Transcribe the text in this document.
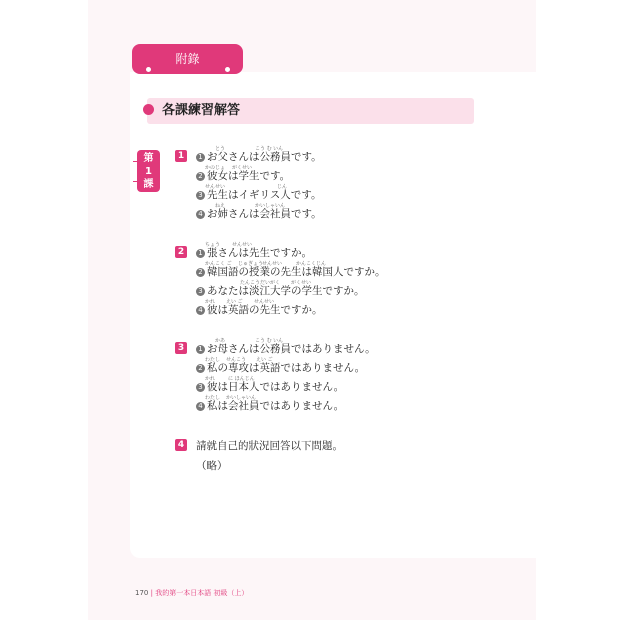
附錄
各課練習解答
第
1
課
1
とう	こう む いん
1 お父さんは公務員です。
かのじょ がくせい
2 彼女は学生です。
せんせい	じん
3 先生はイギリス人です。
ねえ	かいしゃいん
4 お姉さんは会社員です。
2
ちょう せんせい
1 張さんは先生ですか。
かんこく ご じゅぎょう
せんせい	かんこくじん
2 韓国語の授業の先生は韓国人ですか。
たんこうだいがく がくせい
3 あなたは淡江大学の学生ですか。
かれ えい ご せんせい
4 彼は英語の先生ですか。
3
かあ	こう む いん
1 お母さんは公務員ではありません。
わたし せんこう えい ご
2 私の専攻は英語ではありません。
かれ	に ほんじん
3 彼は日本人ではありません。
わたし かいしゃいん
4 私は会社員ではありません。
4 請就自己的狀況回答以下問題。
（略）
170 | 我的第一本日本語 初級（上）
